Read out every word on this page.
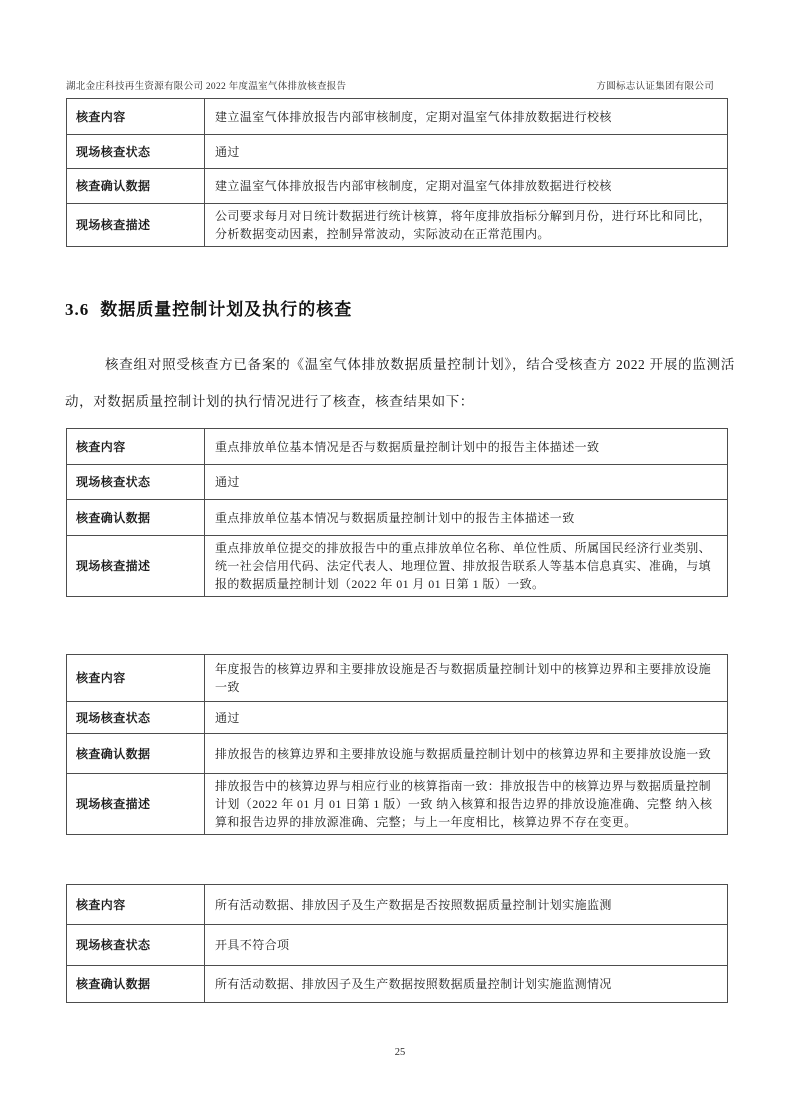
湖北金庄科技再生资源有限公司 2022 年度温室气体排放核查报告	方圆标志认证集团有限公司
核查内容	建立温室气体排放报告内部审核制度，定期对温室气体排放数据进行校核
现场核查状态	通过
核查确认数据	建立温室气体排放报告内部审核制度，定期对温室气体排放数据进行校核
现场核查描述	公司要求每月对日统计数据进行统计核算，将年度排放指标分解到月份，进行环比和同比，分析数据变动因素，控制异常波动，实际波动在正常范围内。
3.6 数据质量控制计划及执行的核查
核查组对照受核查方已备案的《温室气体排放数据质量控制计划》，结合受核查方 2022 开展的监测活动，对数据质量控制计划的执行情况进行了核查，核查结果如下：
核查内容	重点排放单位基本情况是否与数据质量控制计划中的报告主体描述一致
现场核查状态	通过
核查确认数据	重点排放单位基本情况与数据质量控制计划中的报告主体描述一致
现场核查描述	重点排放单位提交的排放报告中的重点排放单位名称、单位性质、所属国民经济行业类别、统一社会信用代码、法定代表人、地理位置、排放报告联系人等基本信息真实、准确，与填报的数据质量控制计划（2022 年 01 月 01 日第 1 版）一致。
核查内容	年度报告的核算边界和主要排放设施是否与数据质量控制计划中的核算边界和主要排放设施一致
现场核查状态	通过
核查确认数据	排放报告的核算边界和主要排放设施与数据质量控制计划中的核算边界和主要排放设施一致
现场核查描述	排放报告中的核算边界与相应行业的核算指南一致：排放报告中的核算边界与数据质量控制计划（2022 年 01 月 01 日第 1 版）一致 纳入核算和报告边界的排放设施准确、完整 纳入核算和报告边界的排放源准确、完整；与上一年度相比，核算边界不存在变更。
核查内容	所有活动数据、排放因子及生产数据是否按照数据质量控制计划实施监测
现场核查状态	开具不符合项
核查确认数据	所有活动数据、排放因子及生产数据按照数据质量控制计划实施监测情况
25
